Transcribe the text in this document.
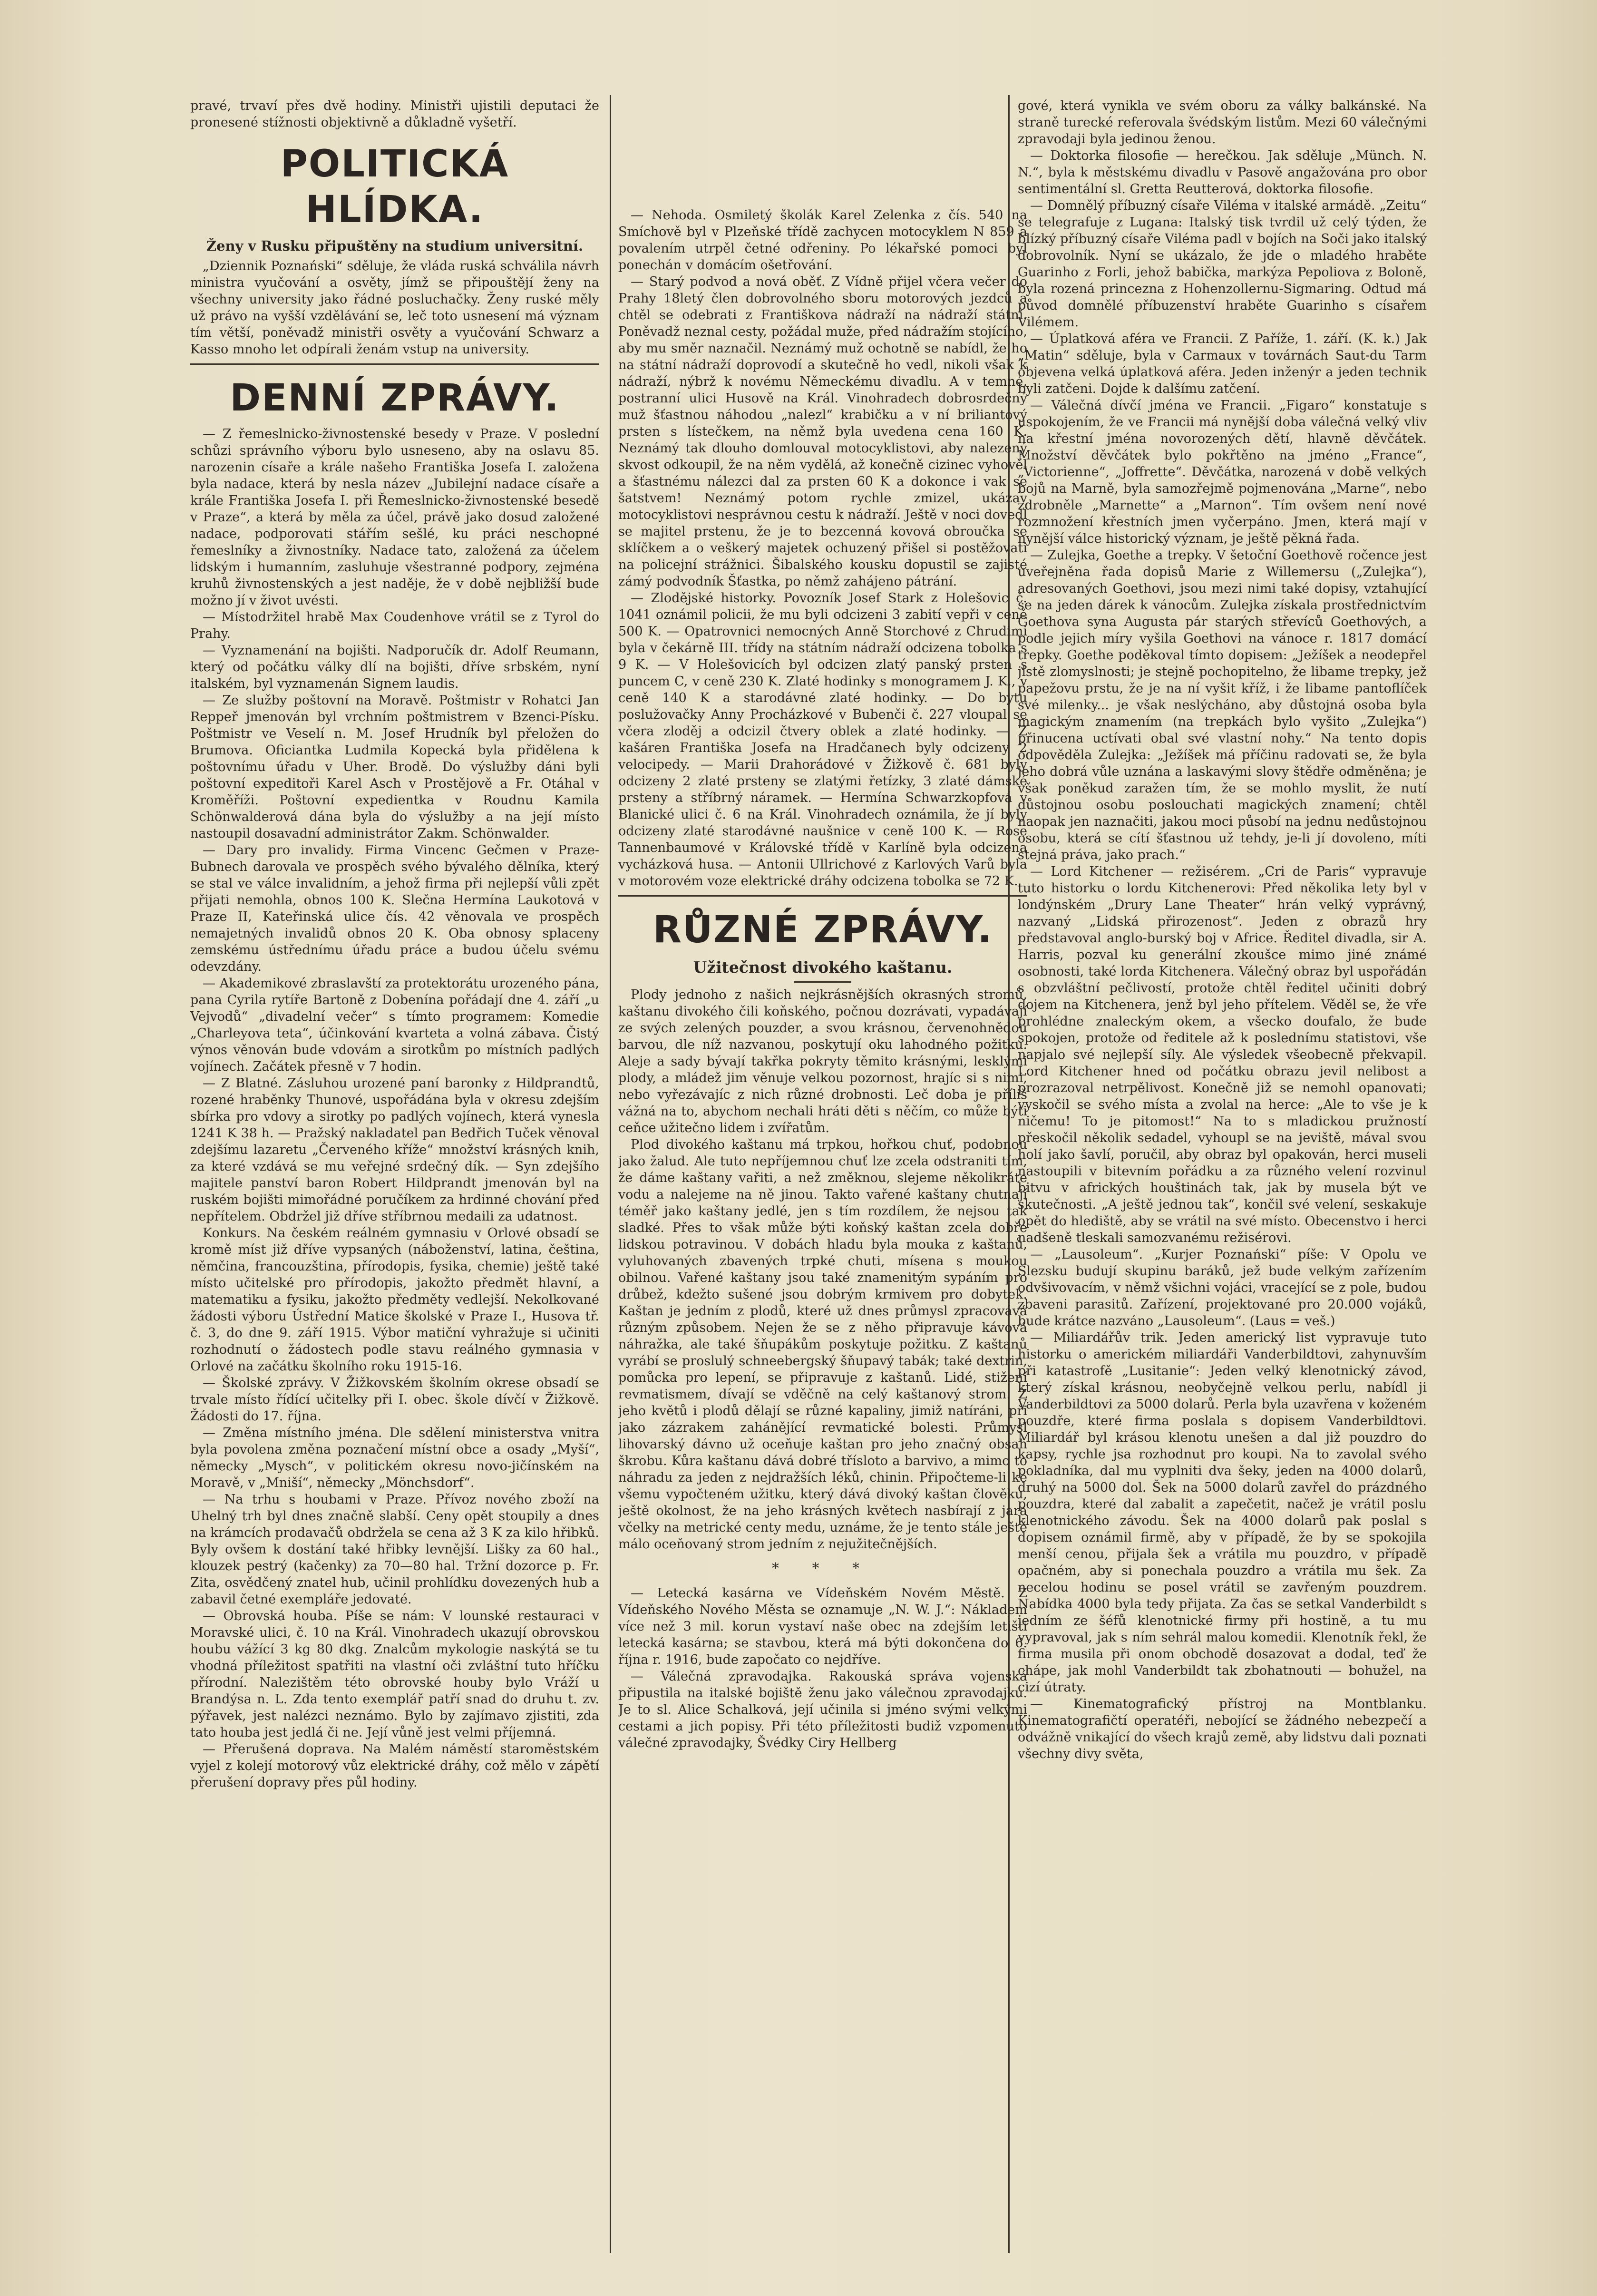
pravé, trvaví přes dvě hodiny. Ministři ujistili deputaci že pronesené stížnosti objektivně a důkladně vyšetří.

POLITICKÁ HLÍDKA.
Ženy v Rusku připuštěny na studium universitní.

„Dziennik Poznański“ sděluje, že vláda ruská schválila návrh ministra vyučování a osvěty, jímž se připouštějí ženy na všechny university jako řádné posluchačky. Ženy ruské měly už právo na vyšší vzdělávání se, leč toto usnesení má význam tím větší, poněvadž ministři osvěty a vyučování Schwarz a Kasso mnoho let odpírali ženám vstup na university.

DENNÍ ZPRÁVY.

— Z řemeslnicko-živnostenské besedy v Praze. V poslední schůzi správního výboru bylo usneseno, aby na oslavu 85. narozenin císaře a krále našeho Františka Josefa I. založena byla nadace, která by nesla název „Jubilejní nadace císaře a krále Františka Josefa I. při Řemeslnicko-živnostenské besedě v Praze“, a která by měla za účel, právě jako dosud založené nadace, podporovati stářím sešlé, ku práci neschopné řemeslníky a živnostníky. Nadace tato, založená za účelem lidským i humanním, zasluhuje všestranné podpory, zejména kruhů živnostenských a jest naděje, že v době nejbližší bude možno jí v život uvésti.

— Místodržitel hrabě Max Coudenhove vrátil se z Tyrol do Prahy.

— Vyznamenání na bojišti. Nadporučík dr. Adolf Reumann, který od počátku války dlí na bojišti, dříve srbském, nyní italském, byl vyznamenán Signem laudis.

— Ze služby poštovní na Moravě. Poštmistr v Rohatci Jan Reppeř jmenován byl vrchním poštmistrem v Bzenci-Písku. Poštmistr ve Veselí n. M. Josef Hrudník byl přeložen do Brumova. Oficiantka Ludmila Kopecká byla přidělena k poštovnímu úřadu v Uher. Brodě. Do výslužby dáni byli poštovní expeditoři Karel Asch v Prostějově a Fr. Otáhal v Kroměříži. Poštovní expedientka v Roudnu Kamila Schönwalderová dána byla do výslužby a na její místo nastoupil dosavadní administrátor Zakm. Schönwalder.

— Dary pro invalidy. Firma Vincenc Gečmen v Praze-Bubnech darovala ve prospěch svého bývalého dělníka, který se stal ve válce invalidním, a jehož firma při nejlepší vůli zpět přijati nemohla, obnos 100 K. Slečna Hermína Laukotová v Praze II, Kateřinská ulice čís. 42 věnovala ve prospěch nemajetných invalidů obnos 20 K. Oba obnosy splaceny zemskému ústřednímu úřadu práce a budou účelu svému odevzdány.

— Akademikové zbraslavští za protektorátu urozeného pána, pana Cyrila rytíře Bartoně z Dobenína pořádají dne 4. září „u Vejvodů“ „divadelní večer“ s tímto programem: Komedie „Charleyova teta“, účinkování kvarteta a volná zábava. Čistý výnos věnován bude vdovám a sirotkům po místních padlých vojínech. Začátek přesně v 7 hodin.

— Z Blatné. Zásluhou urozené paní baronky z Hildprandtů, rozené hraběnky Thunové, uspořádána byla v okresu zdejším sbírka pro vdovy a sirotky po padlých vojínech, která vynesla 1241 K 38 h. — Pražský nakladatel pan Bedřich Tuček věnoval zdejšímu lazaretu „Červeného kříže“ množství krásných knih, za které vzdává se mu veřejné srdečný dík. — Syn zdejšího majitele panství baron Robert Hildprandt jmenován byl na ruském bojišti mimořádné poručíkem za hrdinné chování před nepřítelem. Obdržel již dříve stříbrnou medaili za udatnost.

Konkurs. Na českém reálném gymnasiu v Orlové obsadí se kromě míst již dříve vypsaných (náboženství, latina, čeština, němčina, francouzština, přírodopis, fysika, chemie) ještě také místo učitelské pro přírodopis, jakožto předmět hlavní, a matematiku a fysiku, jakožto předměty vedlejší. Nekolkované žádosti výboru Ústřední Matice školské v Praze I., Husova tř. č. 3, do dne 9. září 1915. Výbor matiční vyhražuje si učiniti rozhodnutí o žádostech podle stavu reálného gymnasia v Orlové na začátku školního roku 1915-16.

— Školské zprávy. V Žižkovském školním okrese obsadí se trvale místo řídící učitelky při I. obec. škole dívčí v Žižkově. Žádosti do 17. října.

— Změna místního jména. Dle sdělení ministerstva vnitra byla povolena změna poznačení místní obce a osady „Myší“, německy „Mysch“, v politickém okresu novo-jičínském na Moravě, v „Mniší“, německy „Mönchsdorf“.

— Na trhu s houbami v Praze. Přívoz nového zboží na Uhelný trh byl dnes značně slabší. Ceny opět stoupily a dnes na krámcích prodavačů obdržela se cena až 3 K za kilo hřibků. Byly ovšem k dostání také hřibky levnější. Lišky za 60 hal., klouzek pestrý (kačenky) za 70—80 hal. Tržní dozorce p. Fr. Zita, osvědčený znatel hub, učinil prohlídku dovezených hub a zabavil četné exempláře jedovaté.

— Obrovská houba. Píše se nám: V lounské restauraci v Moravské ulici, č. 10 na Král. Vinohradech ukazují obrovskou houbu vážící 3 kg 80 dkg. Znalcům mykologie naskýtá se tu vhodná příležitost spatřiti na vlastní oči zvláštní tuto hříčku přírodní. Nalezištěm této obrovské houby bylo Vráží u Brandýsa n. L. Zda tento exemplář patří snad do druhu t. zv. pýřavek, jest nalézci neznámo. Bylo by zajímavo zjistiti, zda tato houba jest jedlá či ne. Její vůně jest velmi příjemná.

— Přerušená doprava. Na Malém náměstí staroměstském vyjel z kolejí motorový vůz elektrické dráhy, což mělo v zápětí přerušení dopravy přes půl hodiny.

— Nehoda. Osmiletý školák Karel Zelenka z čís. 540 na Smíchově byl v Plzeňské třídě zachycen motocyklem N 859 a povalením utrpěl četné odřeniny. Po lékařské pomoci byl ponechán v domácím ošetřování.

— Starý podvod a nová oběť. Z Vídně přijel včera večer do Prahy 18letý člen dobrovolného sboru motorových jezdců a chtěl se odebrati z Františkova nádraží na nádraží státní. Poněvadž neznal cesty, požádal muže, před nádražím stojícího, aby mu směr naznačil. Neznámý muž ochotně se nabídl, že ho na státní nádraží doprovodí a skutečně ho vedl, nikoli však k nádraží, nýbrž k novému Německému divadlu. A v temné, postranní ulici Husově na Král. Vinohradech dobrosrdečný muž šťastnou náhodou „nalezl“ krabičku a v ní briliantový prsten s lístečkem, na němž byla uvedena cena 160 K. Neznámý tak dlouho domlouval motocyklistovi, aby nalezený skvost odkoupil, že na něm vydělá, až konečně cizinec vyhověl a šťastnému nálezci dal za prsten 60 K a dokonce i vak se šatstvem! Neznámý potom rychle zmizel, ukázav motocyklistovi nesprávnou cestu k nádraží. Ještě v noci dovedl se majitel prstenu, že je to bezcenná kovová obroučka se sklíčkem a o veškerý majetek ochuzený přišel si postěžovati na policejní strážnici. Šibalského kousku dopustil se zajisté zámý podvodník Šťastka, po němž zahájeno pátrání.

— Zlodějské historky. Povozník Josef Stark z Holešovic č. 1041 oznámil policii, že mu byli odcizeni 3 zabití vepři v ceně 500 K. — Opatrovnici nemocných Anně Storchové z Chrudimi byla v čekárně III. třídy na státním nádraží odcizena tobolka s 9 K. — V Holešovicích byl odcizen zlatý panský prsten s puncem C, v ceně 230 K. Zlaté hodinky s monogramem J. K., v ceně 140 K a starodávné zlaté hodinky. — Do bytu poslužovačky Anny Procházkové v Bubenči č. 227 vloupal se včera zloděj a odcizil čtvery oblek a zlaté hodinky. — Z kašáren Františka Josefa na Hradčanech byly odcizeny 2 velocipedy. — Marii Drahorádové v Žižkově č. 681 byly odcizeny 2 zlaté prsteny se zlatými řetízky, 3 zlaté dámské prsteny a stříbrný náramek. — Hermína Schwarzkopfová v Blanické ulici č. 6 na Král. Vinohradech oznámila, že jí byly odcizeny zlaté starodávné naušnice v ceně 100 K. — Rose Tannenbaumové v Královské třídě v Karlíně byla odcizena vycházková husa. — Antonii Ullrichové z Karlových Varů byla v motorovém voze elektrické dráhy odcizena tobolka se 72 K.

RŮZNÉ ZPRÁVY.
Užitečnost divokého kaštanu.

Plody jednoho z našich nejkrásnějších okrasných stromů, kaštanu divokého čili koňského, počnou dozrávati, vypadávají ze svých zelených pouzder, a svou krásnou, červenohnědou barvou, dle níž nazvanou, poskytují oku lahodného požitku. Aleje a sady bývají takřka pokryty těmito krásnými, lesklými plody, a mládež jim věnuje velkou pozornost, hrajíc si s nimi, nebo vyřezávajíc z nich různé drobnosti. Leč doba je příliš vážná na to, abychom nechali hráti děti s něčím, co může býti ceňce užitečno lidem i zvířatům.

Plod divokého kaštanu má trpkou, hořkou chuť, podobnou jako žalud. Ale tuto nepříjemnou chuť lze zcela odstraniti tím, že dáme kaštany vařiti, a než změknou, slejeme několikráte vodu a nalejeme na ně jinou. Takto vařené kaštany chutnají téměř jako kaštany jedlé, jen s tím rozdílem, že nejsou tak sladké. Přes to však může býti koňský kaštan zcela dobře lidskou potravinou. V dobách hladu byla mouka z kaštanů, vyluhovaných zbavených trpké chuti, mísena s moukou obilnou. Vařené kaštany jsou také znamenitým sypáním pro drůbež, kdežto sušené jsou dobrým krmivem pro dobytek. Kaštan je jedním z plodů, které už dnes průmysl zpracovává různým způsobem. Nejen že se z něho připravuje kávová náhražka, ale také šňupákům poskytuje požitku. Z kaštanů vyrábí se proslulý schneebergský šňupavý tabák; také dextrin, pomůcka pro lepení, se připravuje z kaštanů. Lidé, stižení revmatismem, dívají se vděčně na celý kaštanový strom. Z jeho květů i plodů dělají se různé kapaliny, jimiž natíráni, při jako zázrakem zahánějící revmatické bolesti. Průmysl lihovarský dávno už oceňuje kaštan pro jeho značný obsah škrobu. Kůra kaštanu dává dobré třísloto a barvivo, a mimo to náhradu za jeden z nejdražších léků, chinin. Připočteme-li ke všemu vypočteném užitku, který dává divoký kaštan člověku, ještě okolnost, že na jeho krásných květech nasbírají z jara včelky na metrické centy medu, uznáme, že je tento stále ještě málo oceňovaný strom jedním z nejužitečnějších.

* * *

— Letecká kasárna ve Vídeňském Novém Městě. Z Vídeňského Nového Města se oznamuje „N. W. J.“: Nákladem více než 3 mil. korun vystaví naše obec na zdejším letišti letecká kasárna; se stavbou, která má býti dokončena do 6. října r. 1916, bude započato co nejdříve.

— Válečná zpravodajka. Rakouská správa vojenská připustila na italské bojiště ženu jako válečnou zpravodajku. Je to sl. Alice Schalková, její učinila si jméno svými velkými cestami a jich popisy. Při této příležitosti budiž vzpomenuto válečné zpravodajky, Švédky Ciry Hellberg

gové, která vynikla ve svém oboru za války balkánské. Na straně turecké referovala švédským listům. Mezi 60 válečnými zpravodaji byla jedinou ženou.

— Doktorka filosofie — herečkou. Jak sděluje „Münch. N. N.“, byla k městskému divadlu v Pasově angažována pro obor sentimentální sl. Gretta Reutterová, doktorka filosofie.

— Domnělý příbuzný císaře Viléma v italské armádě. „Zeitu“ se telegrafuje z Lugana: Italský tisk tvrdil už celý týden, že blízký příbuzný císaře Viléma padl v bojích na Soči jako italský dobrovolník. Nyní se ukázalo, že jde o mladého hraběte Guarinho z Forli, jehož babička, markýza Pepoliova z Boloně, byla rozená princezna z Hohenzollernu-Sigmaring. Odtud má původ domnělé příbuzenství hraběte Guarinho s císařem Vilémem.

— Úplatková aféra ve Francii. Z Paříže, 1. září. (K. k.) Jak „Matin“ sděluje, byla v Carmaux v továrnách Saut-du Tarm objevena velká úplatková aféra. Jeden inženýr a jeden technik byli zatčeni. Dojde k dalšímu zatčení.

— Válečná dívčí jména ve Francii. „Figaro“ konstatuje s uspokojením, že ve Francii má nynější doba válečná velký vliv na křestní jména novorozených dětí, hlavně děvčátek. Množství děvčátek bylo pokřtěno na jméno „France“, „Victorienne“, „Joffrette“. Děvčátka, narozená v době velkých bojů na Marně, byla samozřejmě pojmenována „Marne“, nebo zdrobněle „Marnette“ a „Marnon“. Tím ovšem není nové rozmnožení křestních jmen vyčerpáno. Jmen, která mají v nynější válce historický význam, je ještě pěkná řada.

— Zulejka, Goethe a trepky. V šetoční Goethově ročence jest uveřejněna řada dopisů Marie z Willemersu („Zulejka“), adresovaných Goethovi, jsou mezi nimi také dopisy, vztahující se na jeden dárek k vánocům. Zulejka získala prostřednictvím Goethova syna Augusta pár starých střevíců Goethových, a podle jejich míry vyšila Goethovi na vánoce r. 1817 domácí trepky. Goethe poděkoval tímto dopisem: „Ježíšek a neodepřel jistě zlomyslnosti; je stejně pochopitelno, že libame trepky, jež papežovu prstu, že je na ní vyšit kříž, i že libame pantoflíček své milenky... je však neslýcháno, aby důstojná osoba byla magickým znamením (na trepkách bylo vyšito „Zulejka“) přinucena uctívati obal své vlastní nohy.“ Na tento dopis odpověděla Zulejka: „Ježíšek má příčinu radovati se, že byla jeho dobrá vůle uznána a laskavými slovy štědře odměněna; je však poněkud zaražen tím, že se mohlo myslit, že nutí důstojnou osobu poslouchati magických znamení; chtěl naopak jen naznačiti, jakou moci působí na jednu nedůstojnou osobu, která se cítí šťastnou už tehdy, je-li jí dovoleno, míti stejná práva, jako prach.“

— Lord Kitchener — režisérem. „Cri de Paris“ vypravuje tuto historku o lordu Kitchenerovi: Před několika lety byl v londýnském „Drury Lane Theater“ hrán velký vyprávný, nazvaný „Lidská přirozenost“. Jeden z obrazů hry představoval anglo-burský boj v Africe. Ředitel divadla, sir A. Harris, pozval ku generální zkoušce mimo jiné známé osobnosti, také lorda Kitchenera. Válečný obraz byl uspořádán s obzvláštní pečlivostí, protože chtěl ředitel učiniti dobrý dojem na Kitchenera, jenž byl jeho přítelem. Věděl se, že vře prohlédne znaleckým okem, a všecko doufalo, že bude spokojen, protože od ředitele až k poslednímu statistovi, vše napjalo své nejlepší síly. Ale výsledek všeobecně překvapil. Lord Kitchener hned od počátku obrazu jevil nelibost a prozrazoval netrpělivost. Konečně již se nemohl opanovati; vyskočil se svého místa a zvolal na herce: „Ale to vše je k ničemu! To je pitomost!“ Na to s mladickou pružností přeskočil několik sedadel, vyhoupl se na jeviště, mával svou holí jako šavlí, poručil, aby obraz byl opakován, herci museli nastoupili v bitevním pořádku a za různého velení rozvinul bitvu v afrických houštinách tak, jak by musela být ve skutečnosti. „A ještě jednou tak“, končil své velení, seskakuje opět do hlediště, aby se vrátil na své místo. Obecenstvo i herci nadšeně tleskali samozvanému režisérovi.

— „Lausoleum“. „Kurjer Poznański“ píše: V Opolu ve Slezsku budují skupinu baráků, jež bude velkým zařízením odvšivovacím, v němž všichni vojáci, vracející se z pole, budou zbaveni parasitů. Zařízení, projektované pro 20.000 vojáků, bude krátce nazváno „Lausoleum“. (Laus = veš.)

— Miliardářův trik. Jeden americký list vypravuje tuto historku o americkém miliardáři Vanderbildtovi, zahynuvším při katastrofě „Lusitanie“: Jeden velký klenotnický závod, který získal krásnou, neobyčejně velkou perlu, nabídl ji Vanderbildtovi za 5000 dolarů. Perla byla uzavřena v koženém pouzdře, které firma poslala s dopisem Vanderbildtovi. Miliardář byl krásou klenotu unešen a dal již pouzdro do kapsy, rychle jsa rozhodnut pro koupi. Na to zavolal svého pokladníka, dal mu vyplniti dva šeky, jeden na 4000 dolarů, druhý na 5000 dol. Šek na 5000 dolarů zavřel do prázdného pouzdra, které dal zabalit a zapečetit, načež je vrátil poslu klenotnického závodu. Šek na 4000 dolarů pak poslal s dopisem oznámil firmě, aby v případě, že by se spokojila menší cenou, přijala šek a vrátila mu pouzdro, v případě opačném, aby si ponechala pouzdro a vrátila mu šek. Za necelou hodinu se posel vrátil se zavřeným pouzdrem. Nabídka 4000 byla tedy přijata. Za čas se setkal Vanderbildt s jedním ze šéfů klenotnické firmy při hostině, a tu mu vypravoval, jak s ním sehrál malou komedii. Klenotník řekl, že firma musila při onom obchodě dosazovat a dodal, teď že chápe, jak mohl Vanderbildt tak zbohatnouti — bohužel, na cizí útraty.

— Kinematografický přístroj na Montblanku. Kinematografičtí operatéři, nebojící se žádného nebezpečí a odvážně vnikající do všech krajů země, aby lidstvu dali poznati všechny divy světa,
